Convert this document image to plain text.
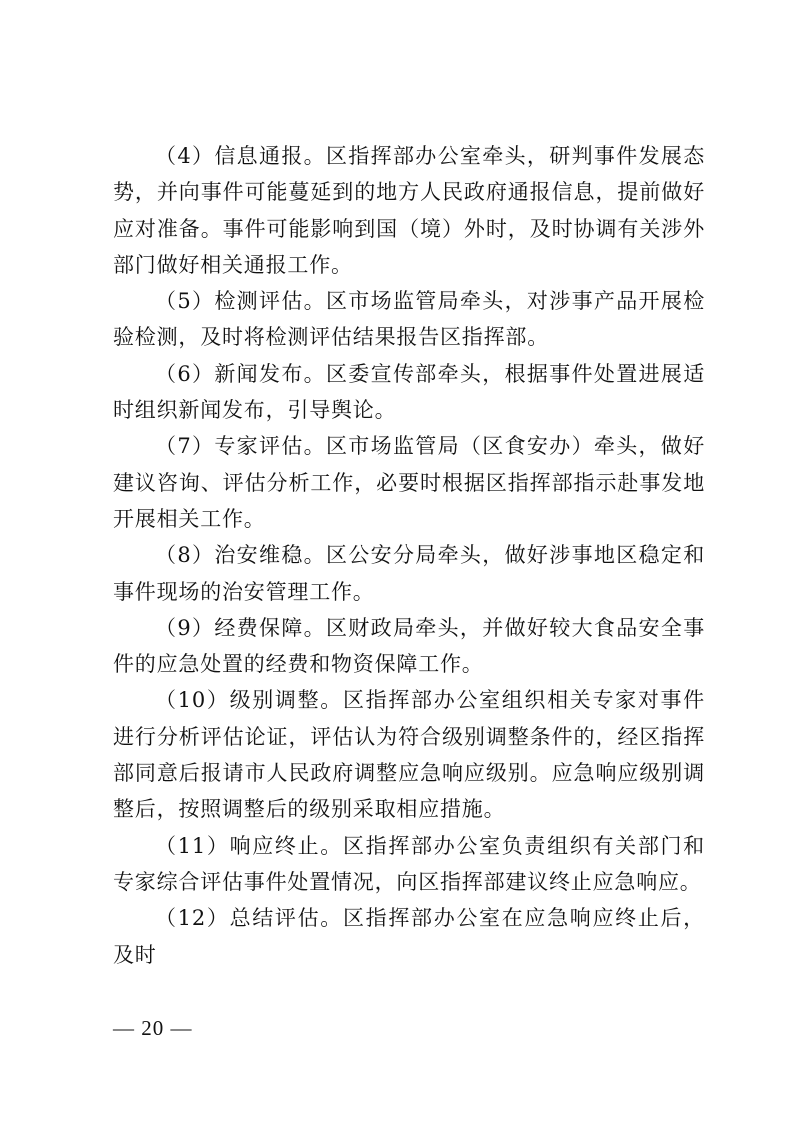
（4）信息通报。区指挥部办公室牵头，研判事件发展态势，并向事件可能蔓延到的地方人民政府通报信息，提前做好应对准备。事件可能影响到国（境）外时，及时协调有关涉外部门做好相关通报工作。

（5）检测评估。区市场监管局牵头，对涉事产品开展检验检测，及时将检测评估结果报告区指挥部。

（6）新闻发布。区委宣传部牵头，根据事件处置进展适时组织新闻发布，引导舆论。

（7）专家评估。区市场监管局（区食安办）牵头，做好建议咨询、评估分析工作，必要时根据区指挥部指示赴事发地开展相关工作。

（8）治安维稳。区公安分局牵头，做好涉事地区稳定和事件现场的治安管理工作。

（9）经费保障。区财政局牵头，并做好较大食品安全事件的应急处置的经费和物资保障工作。

（10）级别调整。区指挥部办公室组织相关专家对事件进行分析评估论证，评估认为符合级别调整条件的，经区指挥部同意后报请市人民政府调整应急响应级别。应急响应级别调整后，按照调整后的级别采取相应措施。

（11）响应终止。区指挥部办公室负责组织有关部门和专家综合评估事件处置情况，向区指挥部建议终止应急响应。

（12）总结评估。区指挥部办公室在应急响应终止后，及时

— 20 —
